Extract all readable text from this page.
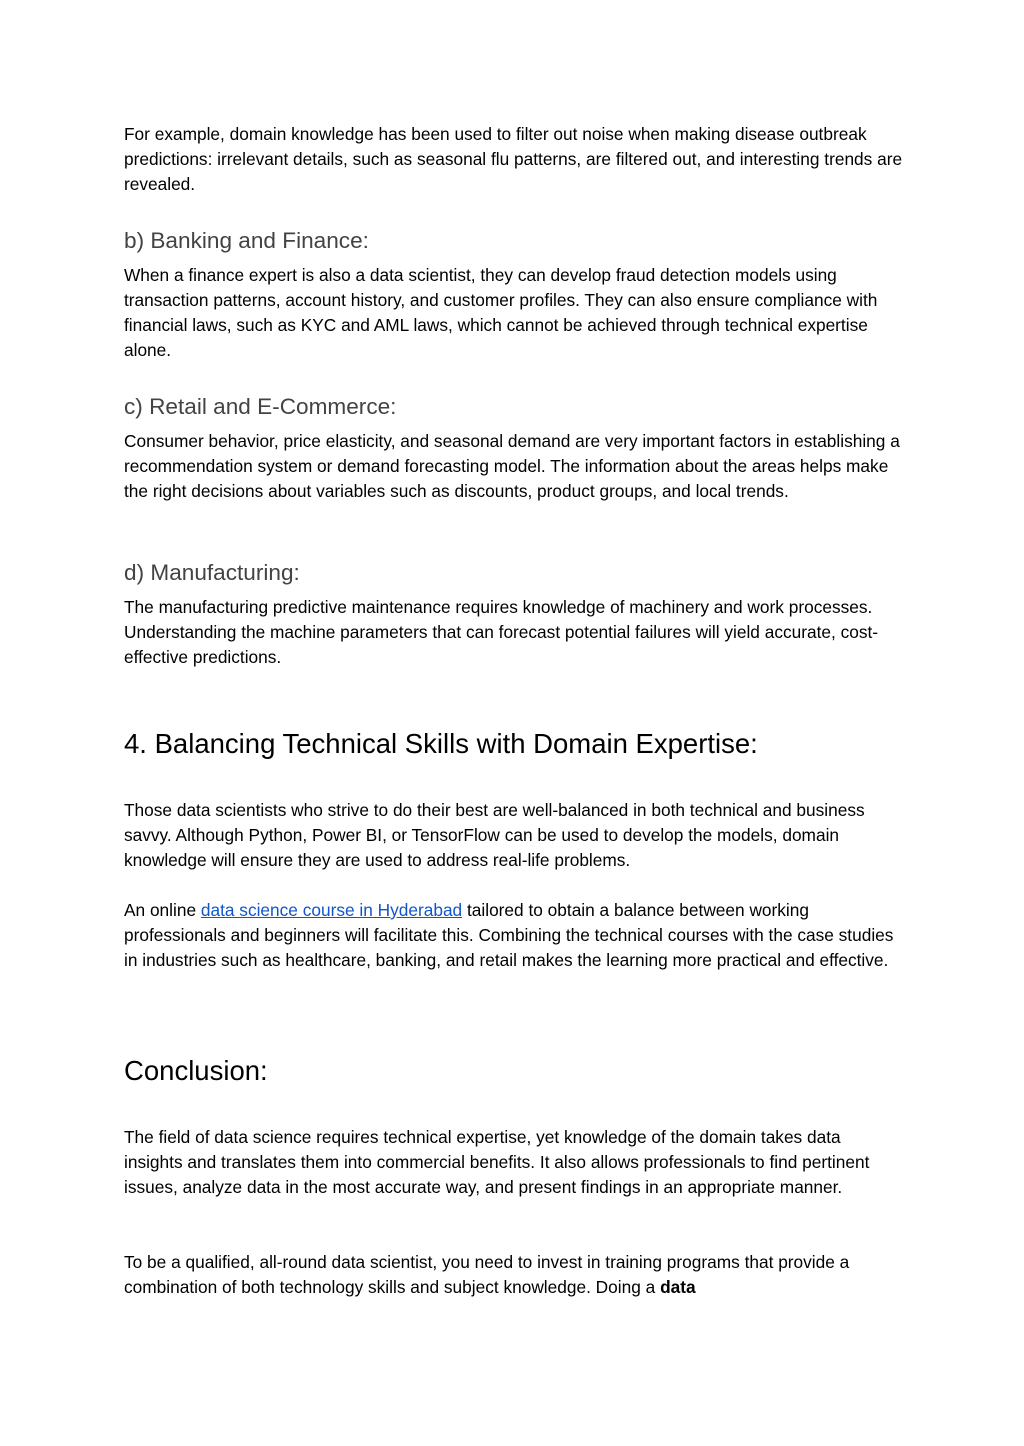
For example, domain knowledge has been used to filter out noise when making disease outbreak predictions: irrelevant details, such as seasonal flu patterns, are filtered out, and interesting trends are revealed.

b) Banking and Finance:

When a finance expert is also a data scientist, they can develop fraud detection models using transaction patterns, account history, and customer profiles. They can also ensure compliance with financial laws, such as KYC and AML laws, which cannot be achieved through technical expertise alone.

c) Retail and E-Commerce:

Consumer behavior, price elasticity, and seasonal demand are very important factors in establishing a recommendation system or demand forecasting model. The information about the areas helps make the right decisions about variables such as discounts, product groups, and local trends.

d) Manufacturing:

The manufacturing predictive maintenance requires knowledge of machinery and work processes. Understanding the machine parameters that can forecast potential failures will yield accurate, cost-effective predictions.

4. Balancing Technical Skills with Domain Expertise:

Those data scientists who strive to do their best are well-balanced in both technical and business savvy. Although Python, Power BI, or TensorFlow can be used to develop the models, domain knowledge will ensure they are used to address real-life problems.

An online data science course in Hyderabad tailored to obtain a balance between working professionals and beginners will facilitate this. Combining the technical courses with the case studies in industries such as healthcare, banking, and retail makes the learning more practical and effective.

Conclusion:

The field of data science requires technical expertise, yet knowledge of the domain takes data insights and translates them into commercial benefits. It also allows professionals to find pertinent issues, analyze data in the most accurate way, and present findings in an appropriate manner.

To be a qualified, all-round data scientist, you need to invest in training programs that provide a combination of both technology skills and subject knowledge. Doing a data
